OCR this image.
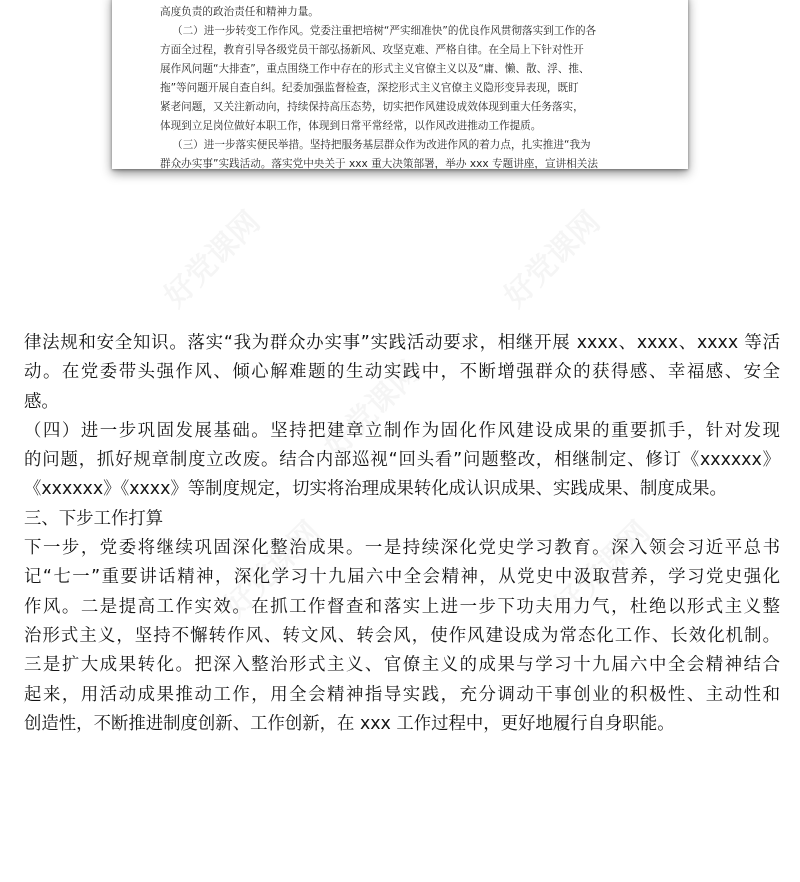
高度负责的政治责任和精神力量。
（二）进一步转变工作作风。党委注重把培树“严实细准快”的优良作风贯彻落实到工作的各
方面全过程，教育引导各级党员干部弘扬新风、攻坚克难、严格自律。在全局上下针对性开
展作风问题“大排查”，重点围绕工作中存在的形式主义官僚主义以及“庸、懒、散、浮、推、
拖”等问题开展自查自纠。纪委加强监督检查，深挖形式主义官僚主义隐形变异表现，既盯
紧老问题，又关注新动向，持续保持高压态势，切实把作风建设成效体现到重大任务落实，
体现到立足岗位做好本职工作，体现到日常平常经常，以作风改进推动工作提质。
（三）进一步落实便民举措。坚持把服务基层群众作为改进作风的着力点，扎实推进“我为
群众办实事”实践活动。落实党中央关于 xxx 重大决策部署，举办 xxx 专题讲座，宣讲相关法
好党课网	好党课网
好党课网
好党课网	好党课网
律法规和安全知识。落实“我为群众办实事”实践活动要求，相继开展 xxxx、xxxx、xxxx 等活
动。在党委带头强作风、倾心解难题的生动实践中，不断增强群众的获得感、幸福感、安全
感。
（四）进一步巩固发展基础。坚持把建章立制作为固化作风建设成果的重要抓手，针对发现
的问题，抓好规章制度立改废。结合内部巡视“回头看”问题整改，相继制定、修订《xxxxxx》
《xxxxxx》《xxxx》等制度规定，切实将治理成果转化成认识成果、实践成果、制度成果。
三、下步工作打算
下一步，党委将继续巩固深化整治成果。一是持续深化党史学习教育。深入领会习近平总书
记“七一”重要讲话精神，深化学习十九届六中全会精神，从党史中汲取营养，学习党史强化
作风。二是提高工作实效。在抓工作督查和落实上进一步下功夫用力气，杜绝以形式主义整
治形式主义，坚持不懈转作风、转文风、转会风，使作风建设成为常态化工作、长效化机制。
三是扩大成果转化。把深入整治形式主义、官僚主义的成果与学习十九届六中全会精神结合
起来，用活动成果推动工作，用全会精神指导实践，充分调动干事创业的积极性、主动性和
创造性，不断推进制度创新、工作创新，在 xxx 工作过程中，更好地履行自身职能。
